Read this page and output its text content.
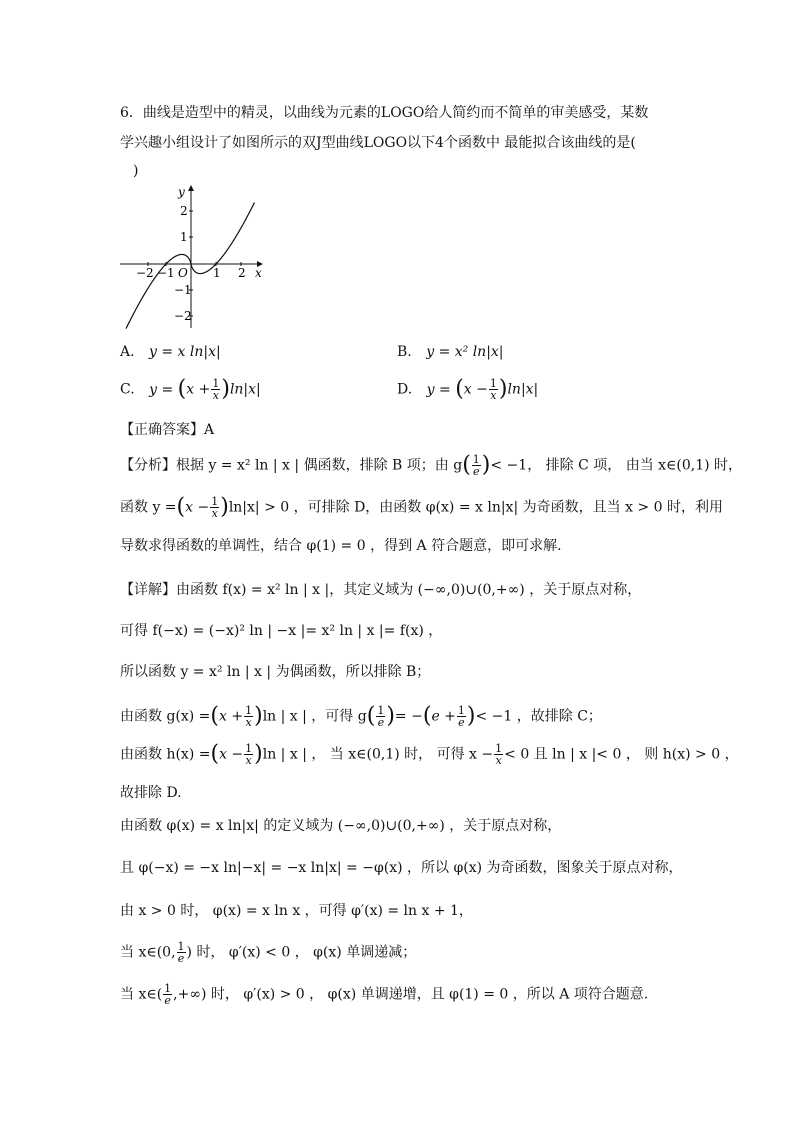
6．曲线是造型中的精灵，以曲线为元素的LOGO给人简约而不简单的审美感受，某数
学兴趣小组设计了如图所示的双J型曲线LOGO以下4个函数中 最能拟合该曲线的是(
)
y
x
O
−2 −1	1 2
2
1
−1
−2
A. y = x ln|x|	B. y = x² ln|x|
C. $y = (x + \frac{1}{x} )\ln|x|$	D. $y = (x - \frac{1}{x} )\ln|x|$
【正确答案】A
【分析】根据 y = x² ln | x | 偶函数，排除 B 项；由 $g( \frac{1}{e}$ )< −1， 排除 C 项， 由当 x∈(0,1) 时，
函数 $y =(x - \frac{1}{x} )\ln|x| > 0$ ，可排除 D，由函数 φ(x) = x ln|x| 为奇函数，且当 x > 0 时，利用
导数求得函数的单调性，结合 φ(1) = 0 ，得到 A 符合题意，即可求解.
【详解】由函数 f(x) = x² ln | x |，其定义域为 (−∞,0)∪(0,+∞) ，关于原点对称，
可得 f(−x) = (−x)² ln | −x |= x² ln | x |= f(x) ，
所以函数 y = x² ln | x | 为偶函数，所以排除 B；
由函数 $g(x) =(x + \frac{1}{x} )\ln$ | x | ，可得 $g( \frac{1}{e}$ )= $-(e + \frac{1}{e}$ )< −1 ，故排除 C；
由函数 $h(x) =(x - \frac{1}{x} )\ln$ | x | ， 当 x∈(0,1) 时， 可得 $x - \frac{1}{x} < 0$ 且 ln | x |< 0 ， 则 h(x) > 0 ，
故排除 D.
由函数 φ(x) = x ln|x| 的定义域为 (−∞,0)∪(0,+∞) ，关于原点对称，
且 φ(−x) = −x ln|−x| = −x ln|x| = −φ(x) ，所以 φ(x) 为奇函数，图象关于原点对称，
由 x > 0 时， φ(x) = x ln x ，可得 φ′(x) = ln x + 1，
当 x∈(0, $\frac{1}{e}$ ) 时， φ′(x) < 0 ， φ(x) 单调递减；
当 x∈( $\frac{1}{e}$ ,+∞) 时， φ′(x) > 0 ， φ(x) 单调递增，且 φ(1) = 0 ，所以 A 项符合题意.
